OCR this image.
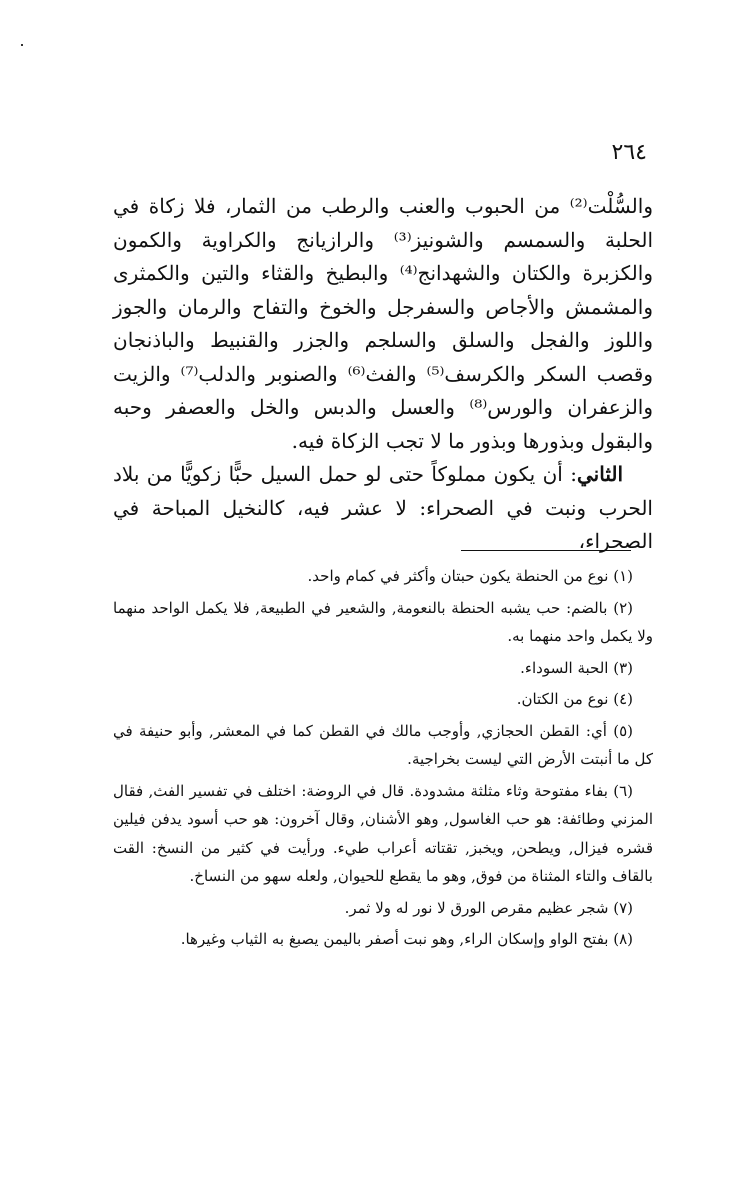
٢٦٤

والسُّلْت⁽²⁾ من الحبوب والعنب والرطب من الثمار، فلا زكاة في الحلبة والسمسم والشونيز⁽³⁾ والرازيانج والكراوية والكمون والكزبرة والكتان والشهدانج⁽⁴⁾ والبطيخ والقثاء والتين والكمثرى والمشمش والأجاص والسفرجل والخوخ والتفاح والرمان والجوز واللوز والفجل والسلق والسلجم والجزر والقنبيط والباذنجان وقصب السكر والكرسف⁽⁵⁾ والفث⁽⁶⁾ والصنوبر والدلب⁽⁷⁾ والزيت والزعفران والورس⁽⁸⁾ والعسل والدبس والخل والعصفر وحبه والبقول وبذورها وبذور ما لا تجب الزكاة فيه.

الثاني: أن يكون مملوكاً حتى لو حمل السيل حبًّا زكويًّا من بلاد الحرب ونبت في الصحراء: لا عشر فيه، كالنخيل المباحة في الصحراء،

(١) نوع من الحنطة يكون حبتان وأكثر في كمام واحد.

(٢) بالضم: حب يشبه الحنطة بالنعومة, والشعير في الطبيعة, فلا يكمل الواحد منهما ولا يكمل واحد منهما به.

(٣) الحبة السوداء.

(٤) نوع من الكتان.

(٥) أي: القطن الحجازي, وأوجب مالك في القطن كما في المعشر, وأبو حنيفة في كل ما أنبتت الأرض التي ليست بخراجية.

(٦) بفاء مفتوحة وثاء مثلثة مشدودة. قال في الروضة: اختلف في تفسير الفث, فقال المزني وطائفة: هو حب الغاسول, وهو الأشنان, وقال آخرون: هو حب أسود يدفن فيلين قشره فيزال, ويطحن, ويخبز, تقتاته أعراب طيء. ورأيت في كثير من النسخ: القت بالقاف والتاء المثناة من فوق, وهو ما يقطع للحيوان, ولعله سهو من النساخ.

(٧) شجر عظيم مقرص الورق لا نور له ولا ثمر.

(٨) بفتح الواو وإسكان الراء, وهو نبت أصفر باليمن يصبغ به الثياب وغيرها.
